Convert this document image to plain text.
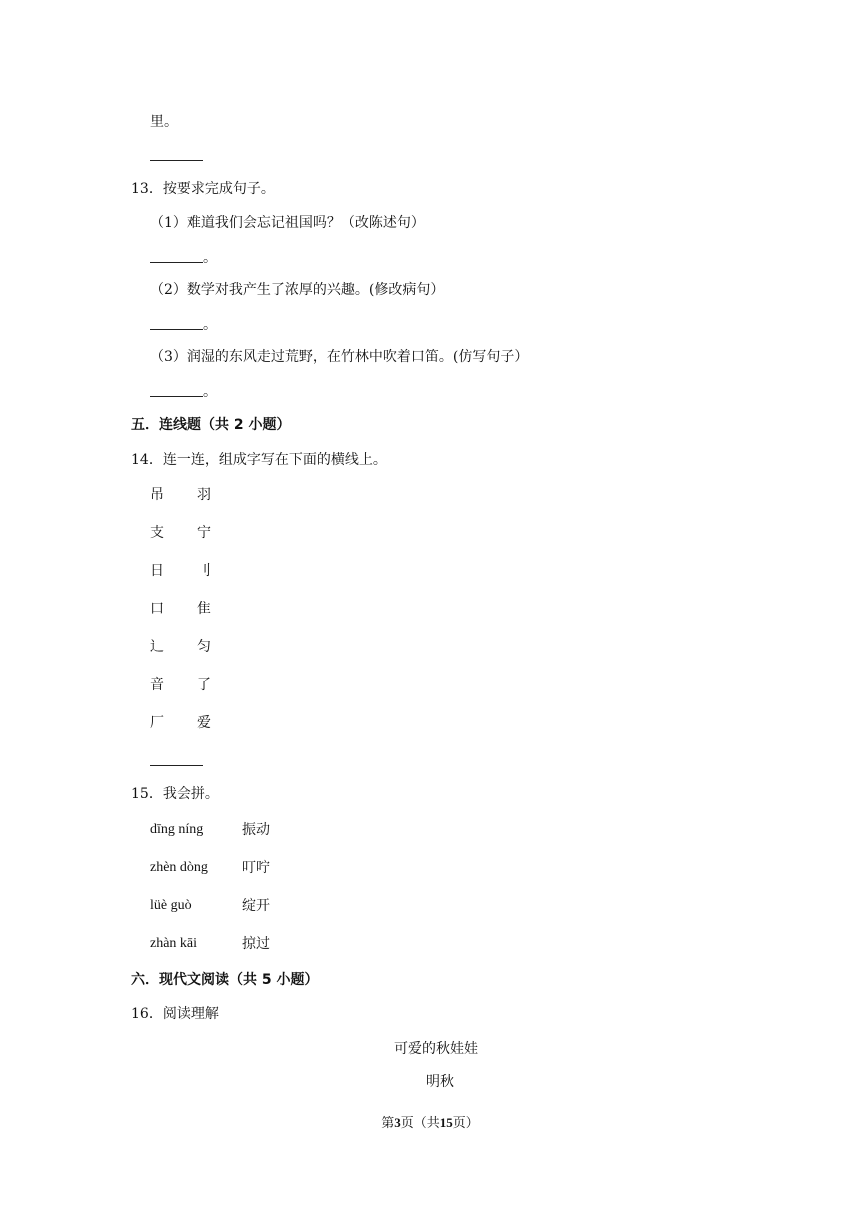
里。
13．按要求完成句子。
（1）难道我们会忘记祖国吗？（改陈述句）
。
（2）数学对我产生了浓厚的兴趣。(修改病句）
。
（3）润湿的东风走过荒野，在竹林中吹着口笛。(仿写句子）
。
五．连线题（共 2 小题）
14．连一连，组成字写在下面的横线上。
吊 羽
支 宁
日 刂
口 隹
辶 匀
音 了
厂 爱
15．我会拼。
dīng níng	振动
zhèn dòng 叮咛
lüè guò	绽开
zhàn kāi	掠过
六．现代文阅读（共 5 小题）
16．阅读理解
可爱的秋娃娃
明秋
第3页（共15页）
